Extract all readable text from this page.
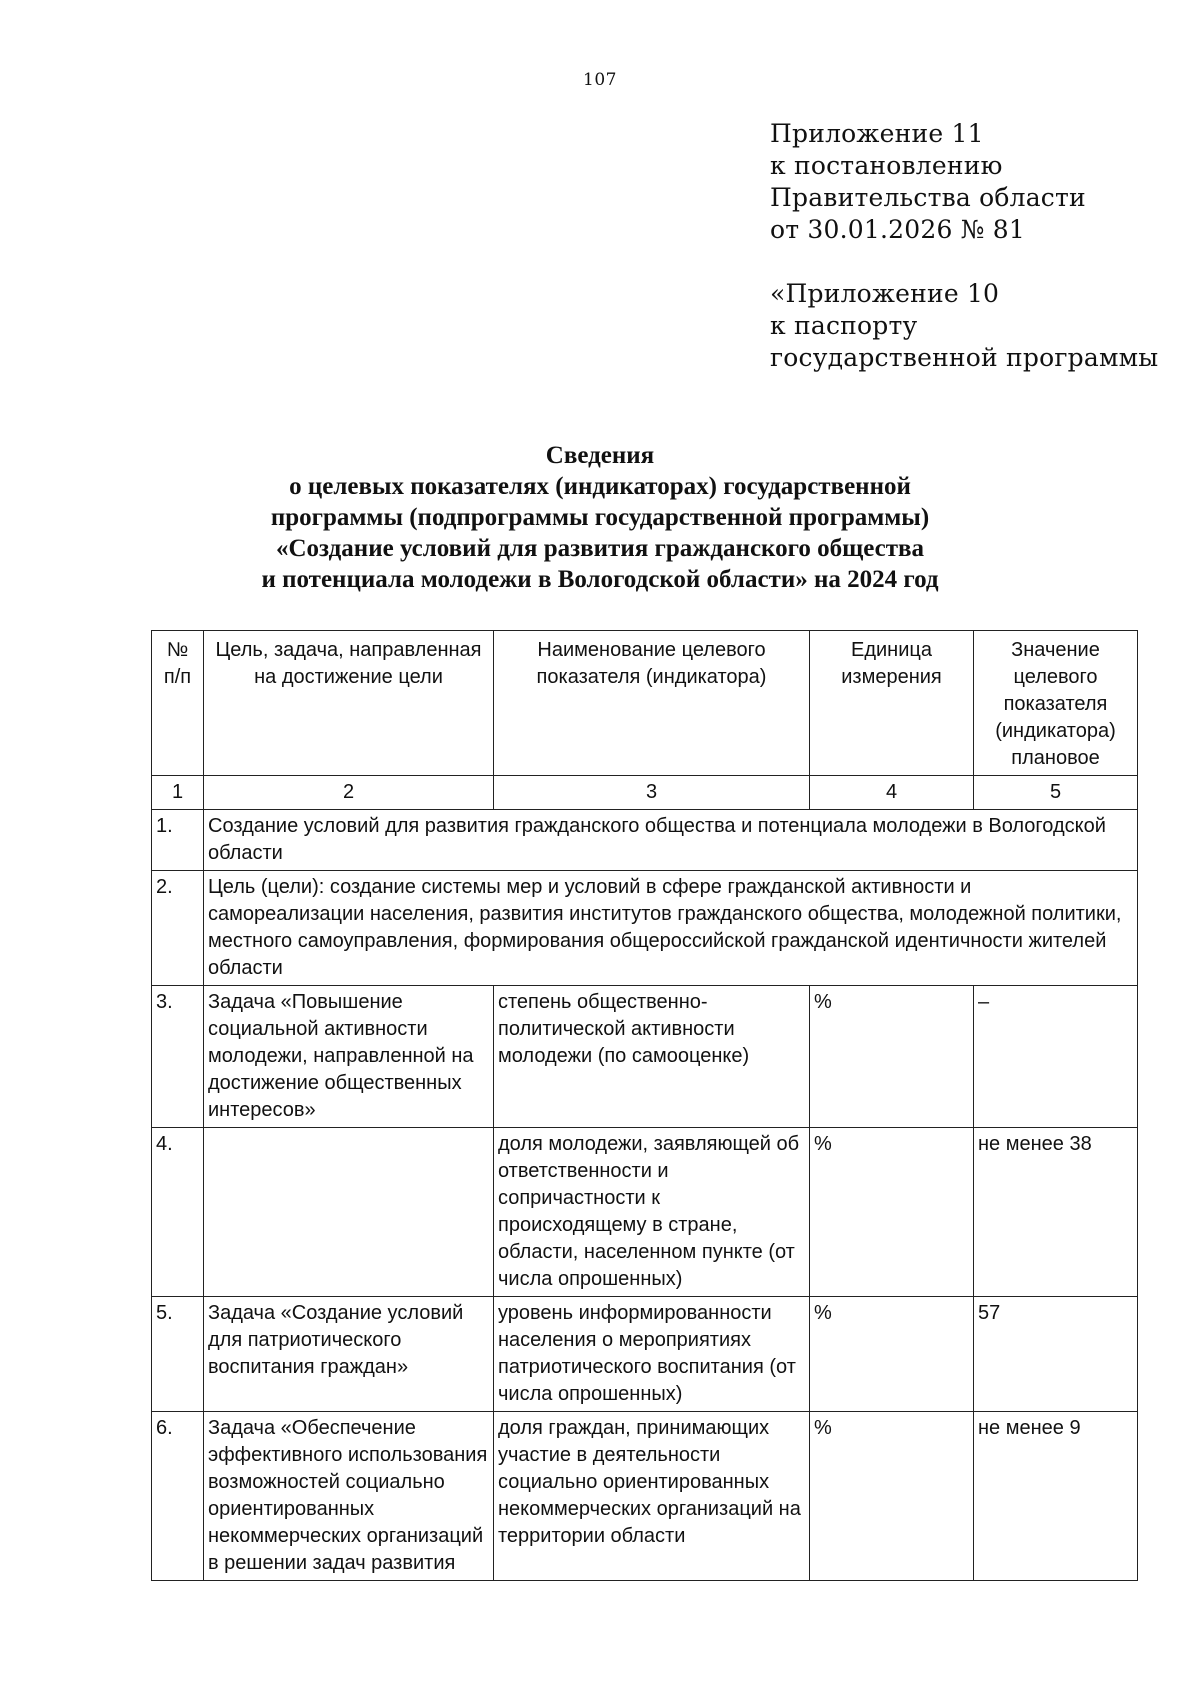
107
Приложение 11
к постановлению
Правительства области
от 30.01.2026 № 81
«Приложение 10
к паспорту
государственной программы
Сведения
о целевых показателях (индикаторах) государственной
программы (подпрограммы государственной программы)
«Создание условий для развития гражданского общества
и потенциала молодежи в Вологодской области» на 2024 год
№ п/п	Цель, задача, направленная на достижение цели	Наименование целевого показателя (индикатора)	Единица измерения	Значение целевого показателя (индикатора) плановое
1	2	3	4	5
1.	Создание условий для развития гражданского общества и потенциала молодежи в Вологодской области			
2.	Цель (цели): создание системы мер и условий в сфере гражданской активности и самореализации населения, развития институтов гражданского общества, молодежной политики, местного самоуправления, формирования общероссийской гражданской идентичности жителей области			
3.	Задача «Повышение социальной активности молодежи, направленной на достижение общественных интересов»	степень общественно-политической активности молодежи (по самооценке)	%	–
4.		доля молодежи, заявляющей об ответственности и сопричастности к происходящему в стране, области, населенном пункте (от числа опрошенных)	%	не менее 38
5.	Задача «Создание условий для патриотического воспитания граждан»	уровень информированности населения о мероприятиях патриотического воспитания (от числа опрошенных)	%	57
6.	Задача «Обеспечение эффективного использования возможностей социально ориентированных некоммерческих организаций в решении задач развития	доля граждан, принимающих участие в деятельности социально ориентированных некоммерческих организаций на территории области	%	не менее 9
